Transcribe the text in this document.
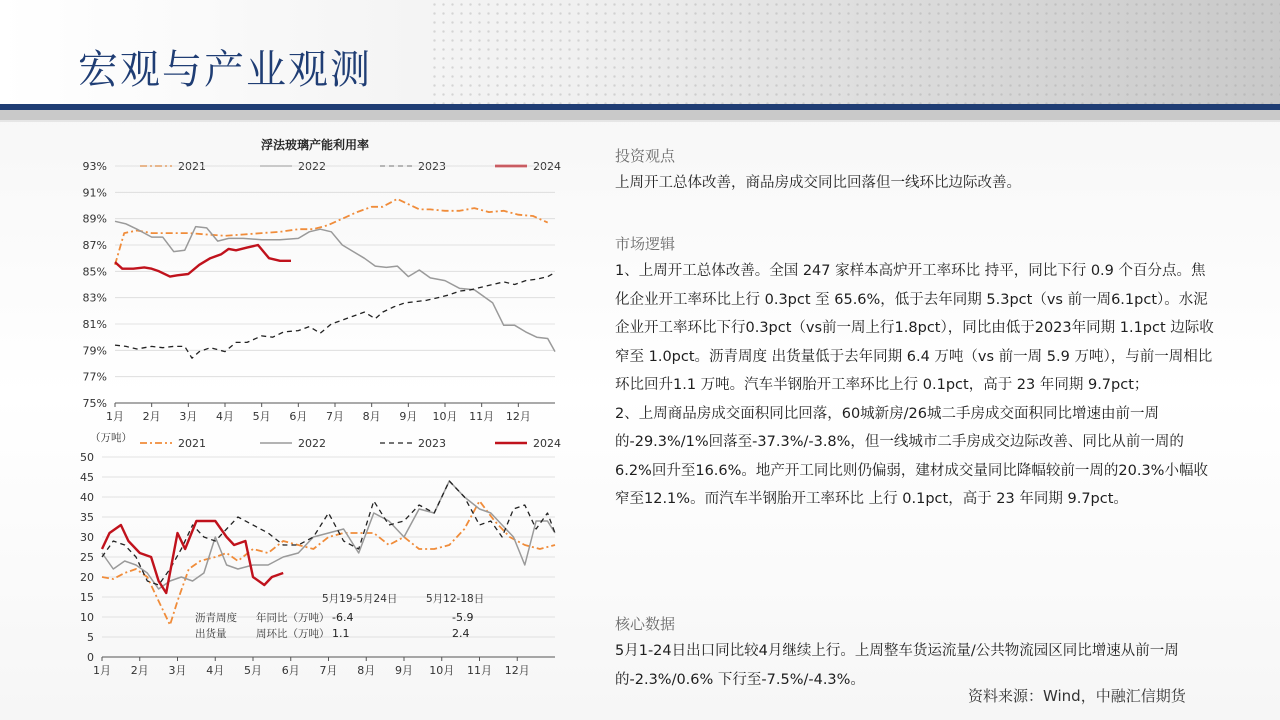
宏观与产业观测
浮法玻璃产能利用率
2021	2022	2023	2024
75%
77%
79%
81%
83%
85%
87%
89%
91%
93%
1月 2月 3月 4月 5月 6月 7月 8月 9月 10月 11月 12月
（万吨）	2021	2022	2023	2024
0
5
10
15
20
25
30
35
40
45
50
1月 2月 3月 4月 5月 6月 7月 8月 9月 10月 11月 12月
5月19-5月24日	5月12-18日
沥青周度 年同比（万吨） -6.4	-5.9
出货量	周环比（万吨） 1.1	2.4

投资观点

上周开工总体改善，商品房成交同比回落但一线环比边际改善。

市场逻辑

1、上周开工总体改善。全国 247 家样本高炉开工率环比 持平，同比下行 0.9 个百分点。焦化企业开工率环比上行 0.3pct 至 65.6%，低于去年同期 5.3pct（vs 前一周6.1pct）。水泥企业开工率环比下行0.3pct（vs前一周上行1.8pct），同比由低于2023年同期 1.1pct 边际收窄至 1.0pct。沥青周度 出货量低于去年同期 6.4 万吨（vs 前一周 5.9 万吨），与前一周相比环比回升1.1 万吨。汽车半钢胎开工率环比上行 0.1pct，高于 23 年同期 9.7pct；

2、上周商品房成交面积同比回落，60城新房/26城二手房成交面积同比增速由前一周的-29.3%/1%回落至-37.3%/-3.8%，但一线城市二手房成交边际改善、同比从前一周的6.2%回升至16.6%。地产开工同比则仍偏弱，建材成交量同比降幅较前一周的20.3%小幅收窄至12.1%。而汽车半钢胎开工率环比 上行 0.1pct，高于 23 年同期 9.7pct。

核心数据

5月1-24日出口同比较4月继续上行。上周整车货运流量/公共物流园区同比增速从前一周的-2.3%/0.6% 下行至-7.5%/-4.3%。

资料来源：Wind，中融汇信期货
